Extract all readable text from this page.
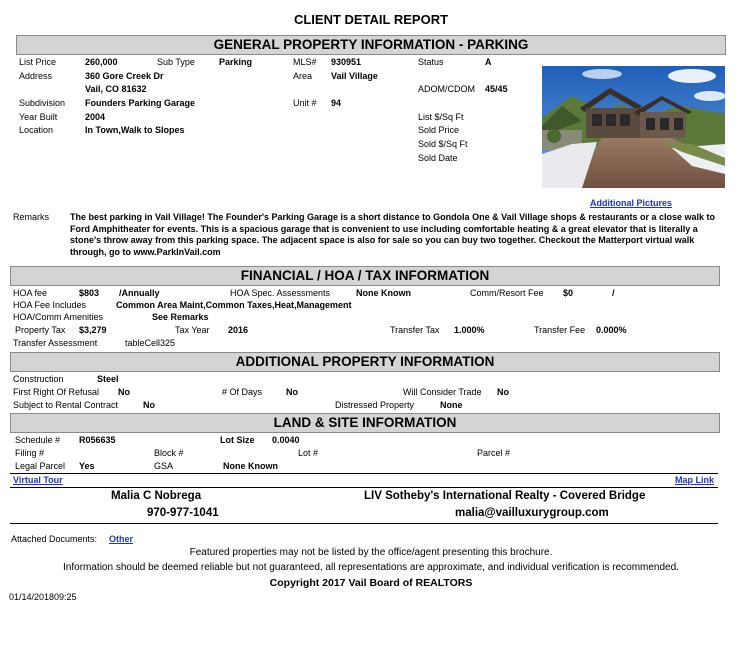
CLIENT DETAIL REPORT
GENERAL PROPERTY INFORMATION - PARKING
List Price	260,000	Sub Type	Parking	MLS# 930951	Status	A
Address	360 Gore Creek Dr
Vail, CO 81632
Area Vail Village
ADOM/CDOM 45/45
Subdivision Founders Parking Garage	Unit # 94
Year Built	2004	List $/Sq Ft
Location	In Town,Walk to Slopes	Sold Price
Sold $/Sq Ft
Sold Date
Additional Pictures
Remarks The best parking in Vail Village! The Founder's Parking Garage is a short distance to Gondola One & Vail Village shops & restaurants or a close walk to Ford Amphitheater for events. This is a spacious garage that is convenient to use including comfortable heating & a great elevator that is literally a stone's throw away from this parking space. The adjacent space is also for sale so you can buy two together. Checkout the Matterport virtual walk through, go to www.ParkInVail.com
FINANCIAL / HOA / TAX INFORMATION
HOA fee	$803 /Annually	HOA Spec. Assessments	None Known	Comm/Resort Fee $0	/
HOA Fee Includes	Common Area Maint,Common Taxes,Heat,Management
HOA/Comm Amenities	See Remarks
Property Tax $3,279	Tax Year 2016	Transfer Tax 1.000%	Transfer Fee 0.000%
Transfer Assessment	tableCell325
ADDITIONAL PROPERTY INFORMATION
Construction	Steel
First Right Of Refusal No	# Of Days	No	Will Consider Trade No
Subject to Rental Contract	No	Distressed Property	None
LAND & SITE INFORMATION
Schedule # R056635	Lot Size 0.0040
Filing #	Block #	Lot #	Parcel #
Legal Parcel Yes	GSA	None Known
Virtual Tour	Map Link
Malia C Nobrega
970-977-1041
LIV Sotheby's International Realty - Covered Bridge
malia@vailluxurygroup.com
Attached Documents: Other
Featured properties may not be listed by the office/agent presenting this brochure.
Information should be deemed reliable but not guaranteed, all representations are approximate, and individual verification is recommended.
Copyright 2017 Vail Board of REALTORS
01/14/201809:25
